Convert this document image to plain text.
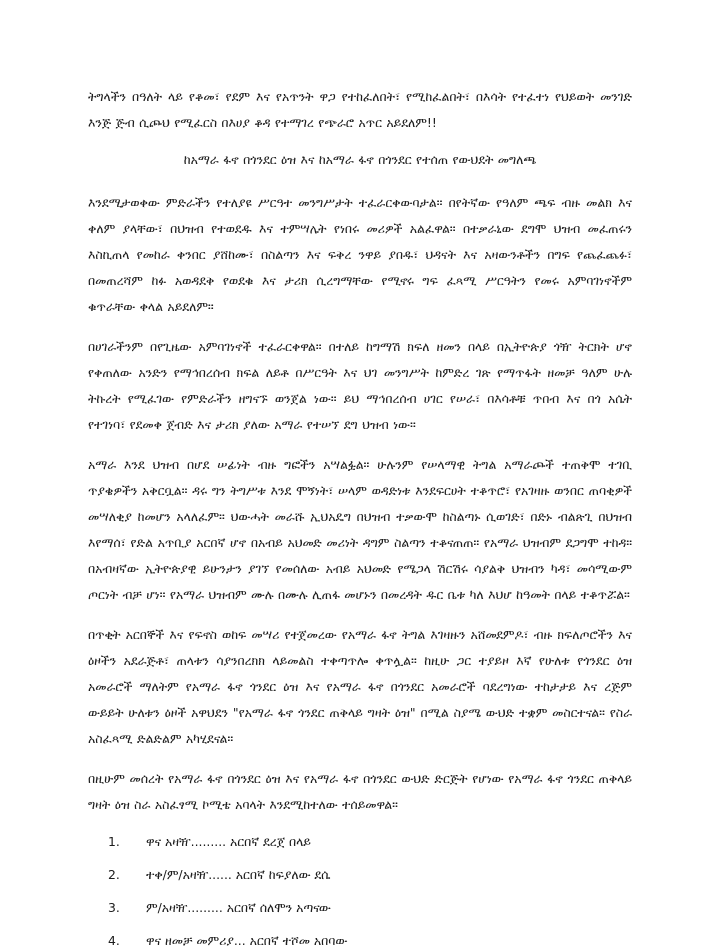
ትግላችን በዓለት ላይ የቆመ፣ የደም እና የአጥንት ዋጋ የተከፈለበት፣ የሚከፈልበት፣ በእሳት የተፈተነ የህይወት መንገድ እንጅ ጅብ ሲጮህ የሚፈርስ በእሀያ ቆዳ የተማገረ የጭራሮ አጥር አይደለም!!

ከአማራ ፋኖ በጎንደር ዕዝ እና ከአማራ ፋኖ በጎንደር የተሰጠ የውህደት መግለጫ

እንደሚታወቀው ምድራችን የተለያዩ ሥርዓተ መንግሥታት ተፈራርቀውባታል። በየትኛው የዓለም ጫፍ ብዙ መልክ እና ቀለም ያላቸው፣ በህዝብ የተወደዱ እና ተምሣሌት የነበሩ መሪዎች አልፈዋል። በተቃራኒው ደግሞ ህዝብ መፈጠሩን እስኪጠላ የመከራ ቀንበር ያሸከሙ፣ በስልጣን እና ፍቅረ ንዋይ ያበዱ፣ ህዳናት እና አዛውንቶችን በግፍ የጨፈጨፉ፣ በመጠረሻም ከፉ አወዳደቅ የወደቁ እና ታሪክ ሲረግማቸው የሚኖሩ ግፍ ፈጻሚ ሥርዓትን የመሩ አምባገነኖችም ቁጥራቸው ቀላል አይደለም።

በሀገራችንም በየጊዜው አምባገነኖች ተፈራርቀዋል። በተለይ ከግማሽ ክፍለ ዘመን በላይ በኢትዮጵያ ጎዥ ትርክት ሆኖ የቀጠለው አንድን የማኅበረሰብ ክፍል ለይቶ በሥርዓት እና ህገ መንግሥት ከምድረ ገጽ የማጥፋት ዘመቻ ዓለም ሁሉ ትኩረት የሚፈገው የምድራችን ዘግናኙ ወንጀል ነው። ይህ ማኅበረሰብ ሀገር የሠራ፣ በእሳቶቹ ጥበብ እና በጎ አሴት የተገነባ፣ የደመቀ ጀብድ እና ታሪክ ያለው አማራ የተሠኘ ደግ ህዝብ ነው።

አማራ እንደ ህዝብ በሆደ ሠፊነት ብዙ ግፎችን አሣልፏል። ሁሉንም የሠላማዊ ትግል አማራጮች ተጠቅሞ ተገቢ ጥያቄዎችን አቅርቧል። ዳሩ ግን ትግሥቱ እንደ ሞኝነት፣ ሠላም ወዳድነቱ እንደፍርሀት ተቆጥሮ፣ የአገዛዙ ወንበር ጠባቂዎች መሣለቂያ ከመሆን አላለፈም። ህውሓት መራሹ ኢህአዴግ በህዝብ ተቃውሞ ከስልጣኑ ሲወገድ፣ በድኑ ብልጽጊ በህዝብ እየማሰ፣ የድል አጥቢያ አርበኛ ሆኖ በአብይ አህመድ መሪነት ዳግም ስልጣን ተቆናጠጠ። የአማራ ህዝብም ደጋግሞ ተከዳ። በአብዛኛው ኢትዮጵያዊ ይሁንታን ያገኘ የመሰለው አብይ አህመድ የሜጋላ ሽርሽሩ ሳያልቅ ህዝብን ካዳ፣ መሳሚውም ጦርነት ብቻ ሆነ። የአማራ ህዝብም ሙሉ በሙሉ ሊጠፋ መሆኑን በመረዳት ዱር ቤቱ ካለ እህሆ ከዓመት በላይ ተቆጥሯል።

በጥቂት አርበኞች እና የፍኖስ ወከፍ መሣሪ የተጀመረው የአማራ ፋኖ ትግል እገዛዙን አሸመደምዶ፣ ብዙ ክፍለጦሮችን እና ዕዞችን አደራጅቶ፣ ጠላቱን ሳያንበረክክ ላይመልስ ተቀጣጥሎ ቀጥሏል። ከዚሁ ጋር ተያይዞ እኛ የሁለቱ የጎንደር ዕዝ አመራሮች ማለትም የአማራ ፋኖ ጎንደር ዕዝ እና የአማራ ፋኖ በጎንደር አመራሮች ባደረግነው ተከታታይ እና ረጅም ውይይት ሁለቱን ዕዞች አዋህደን "የአማራ ፋኖ ጎንደር ጠቅላይ ግዛት ዕዝ" በሚል ስያሜ ውህድ ተቋም መስርተናል። የስራ አስፈጻሚ ድልድልም አካሂደናል።

በዚሁም መሰረት የአማራ ፋኖ በጎንደር ዕዝ እና የአማራ ፋኖ በጎንደር ውህድ ድርጅት የሆነው የአማራ ፋኖ ጎንደር ጠቅላይ ግዛት ዕዝ ስራ አስፈፃሚ ኮሚቴ አባላት እንደሚከተለው ተሰይመዋል።

1.	ዋና አዛዥ......... አርበኛ ደረጀ በላይ
2.	ተቀ/ም/አዛዥ...... አርበኛ ከፍያለው ደሴ
3.	ም/አዛዥ......... አርበኛ ሰለሞን አጣናው
4.	ዋና ዘመቻ መምሪያ... አርበኛ ተሾመ አበባው
